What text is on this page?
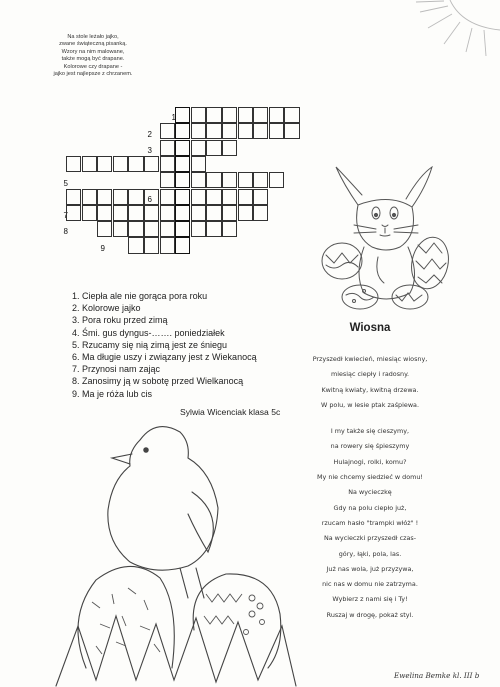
Na stole leżało jajko,
zwane świąteczną pisanką.
Wzory na nim malowane,
także mogą być drapane.
Kolorowe czy drapane -
jajko jest najlepsze z chrzanem.
1
2
3
5
6
7
8
9
1. Ciepła ale nie gorąca pora roku
2. Kolorowe jajko
3. Pora roku przed zimą
4. Śmi. gus dyngus-……. poniedziałek
5. Rzucamy się nią zimą jest ze śniegu
6. Ma długie uszy i związany jest z Wiekanocą
7. Przynosi nam zając
8. Zanosimy ją w sobotę przed Wielkanocą
9. Ma je róża lub cis
Sylwia Wicenciak klasa 5c
Wiosna
Przyszedł kwiecień, miesiąc wiosny,
miesiąc ciepły i radosny.
Kwitną kwiaty, kwitną drzewa.
W polu, w lesie ptak zaśpiewa.
I my także się cieszymy,
na rowery się śpieszymy
Hulajnogi, rolki, komu?
My nie chcemy siedzieć w domu!
Na wycieczkę
Gdy na polu ciepło już,
rzucam hasło "trampki włóż" !
Na wycieczki przyszedł czas-
góry, łąki, pola, las.
Już nas wola, już przyzywa,
nic nas w domu nie zatrzyma.
Wybierz z nami się i Ty!
Ruszaj w drogę, pokaż styl.
Ewelina Bemke kl. III b
